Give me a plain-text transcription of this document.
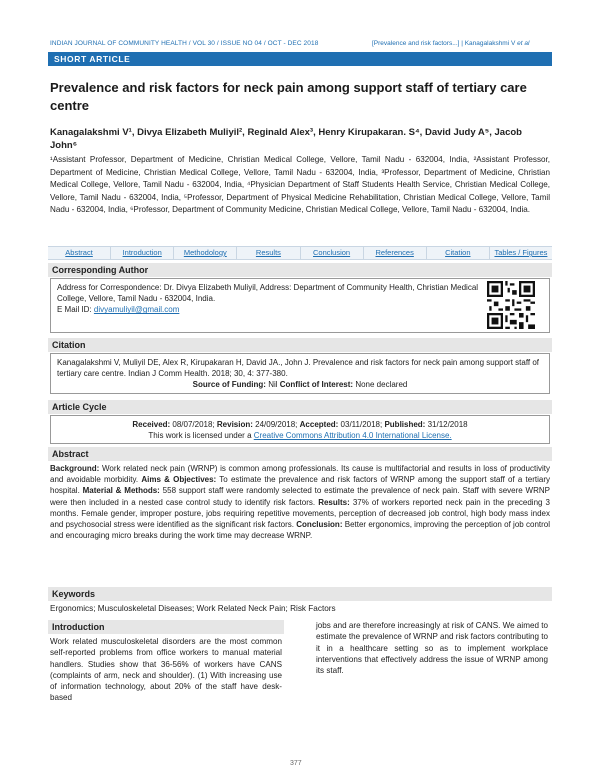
INDIAN JOURNAL OF COMMUNITY HEALTH / VOL 30 / ISSUE NO 04 / OCT - DEC 2018	[Prevalence and risk factors...] | Kanagalakshmi V et al
SHORT ARTICLE
Prevalence and risk factors for neck pain among support staff of tertiary care centre
Kanagalakshmi V¹, Divya Elizabeth Muliyil², Reginald Alex³, Henry Kirupakaran. S⁴, David Judy A⁵, Jacob John⁶
¹Assistant Professor, Department of Medicine, Christian Medical College, Vellore, Tamil Nadu - 632004, India, ²Assistant Professor, Department of Medicine, Christian Medical College, Vellore, Tamil Nadu - 632004, India, ³Professor, Department of Medicine, Christian Medical College, Vellore, Tamil Nadu - 632004, India, ⁴Physician Department of Staff Students Health Service, Christian Medical College, Vellore, Tamil Nadu - 632004, India, ⁵Professor, Department of Physical Medicine Rehabilitation, Christian Medical College, Vellore, Tamil Nadu - 632004, India, ⁶Professor, Department of Community Medicine, Christian Medical College, Vellore, Tamil Nadu - 632004, India.
Abstract	Introduction	Methodology	Results	Conclusion	References	Citation	Tables / Figures
Corresponding Author
Address for Correspondence: Dr. Divya Elizabeth Muliyil, Address: Department of Community Health, Christian Medical College, Vellore, Tamil Nadu - 632004, India.
E Mail ID: divyamuliyil@gmail.com
Citation
Kanagalakshmi V, Muliyil DE, Alex R, Kirupakaran H, David JA., John J. Prevalence and risk factors for neck pain among support staff of tertiary care centre. Indian J Comm Health. 2018; 30, 4: 377-380.
Source of Funding: Nil Conflict of Interest: None declared
Article Cycle
Received: 08/07/2018; Revision: 24/09/2018; Accepted: 03/11/2018; Published: 31/12/2018
This work is licensed under a Creative Commons Attribution 4.0 International License.
Abstract
Background: Work related neck pain (WRNP) is common among professionals. Its cause is multifactorial and results in loss of productivity and avoidable morbidity. Aims & Objectives: To estimate the prevalence and risk factors of WRNP among the support staff of a tertiary hospital. Material & Methods: 558 support staff were randomly selected to estimate the prevalence of neck pain. Staff with severe WRNP were then included in a nested case control study to identify risk factors. Results: 37% of workers reported neck pain in the preceding 3 months. Female gender, improper posture, jobs requiring repetitive movements, perception of decreased job control, high body mass index and psychosocial stress were identified as the significant risk factors. Conclusion: Better ergonomics, improving the perception of job control and encouraging micro breaks during the work time may decrease WRNP.
Keywords
Ergonomics; Musculoskeletal Diseases; Work Related Neck Pain; Risk Factors
Introduction
Work related musculoskeletal disorders are the most common self-reported problems from office workers to manual material handlers. Studies show that 36-56% of workers have CANS (complaints of arm, neck and shoulder). (1) With increasing use of information technology, about 20% of the staff have desk-based
jobs and are therefore increasingly at risk of CANS. We aimed to estimate the prevalence of WRNP and risk factors contributing to it in a healthcare setting so as to implement workplace interventions that effectively address the issue of WRNP among its staff.
377
